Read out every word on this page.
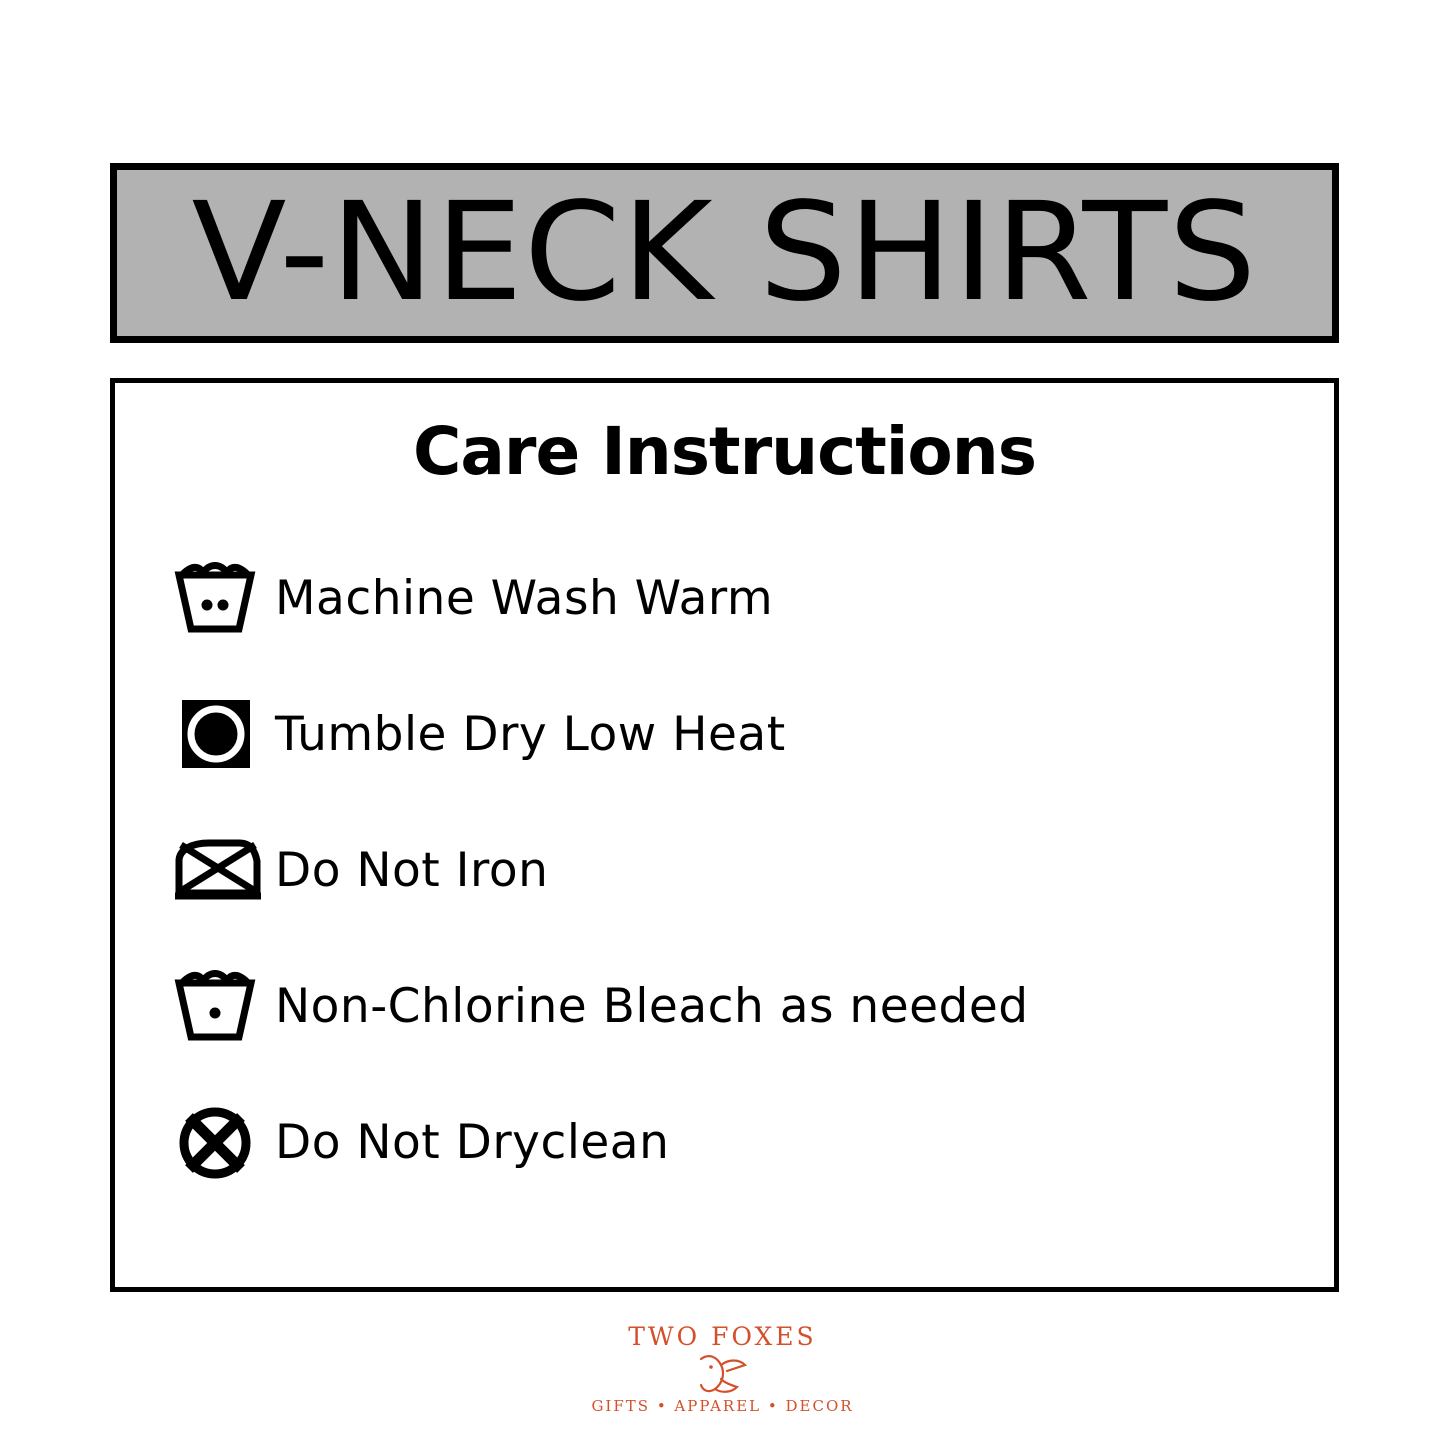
V-NECK SHIRTS
Care Instructions
Machine Wash Warm
Tumble Dry Low Heat
Do Not Iron
Non-Chlorine Bleach as needed
Do Not Dryclean
TWO FOXES
GIFTS • APPAREL • DECOR
